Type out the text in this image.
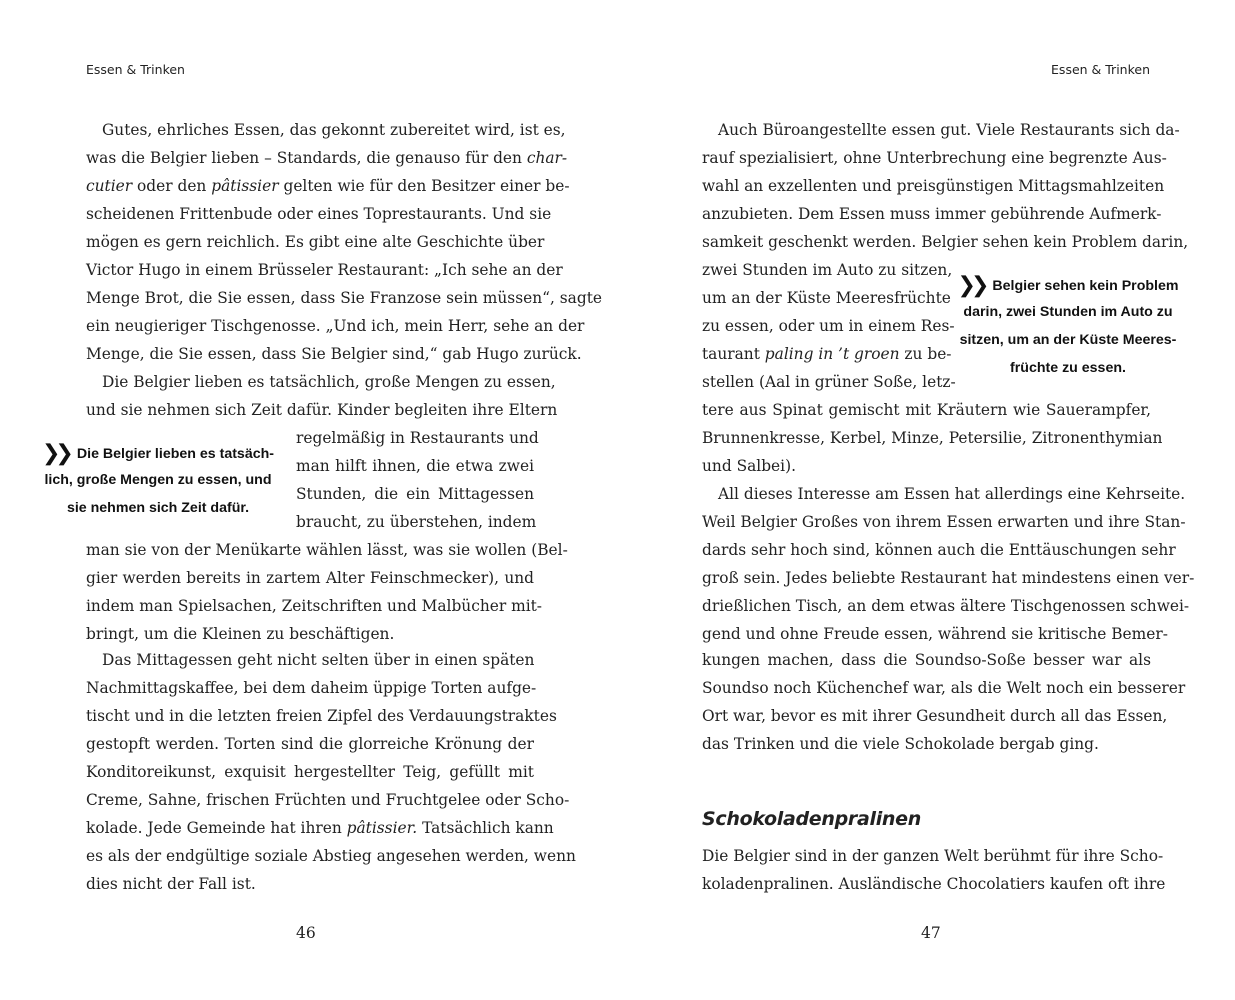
Essen & Trinken
Gutes, ehrliches Essen, das gekonnt zubereitet wird, ist es,
was die Belgier lieben – Standards, die genauso für den char-
cutier oder den pâtissier gelten wie für den Besitzer einer be-
scheidenen Frittenbude oder eines Toprestaurants. Und sie
mögen es gern reichlich. Es gibt eine alte Geschichte über
Victor Hugo in einem Brüsseler Restaurant: „Ich sehe an der
Menge Brot, die Sie essen, dass Sie Franzose sein müssen“, sagte
ein neugieriger Tischgenosse. „Und ich, mein Herr, sehe an der
Menge, die Sie essen, dass Sie Belgier sind,“ gab Hugo zurück.
Die Belgier lieben es tatsächlich, große Mengen zu essen,
und sie nehmen sich Zeit dafür. Kinder begleiten ihre Eltern
regelmäßig in Restaurants und
man hilft ihnen, die etwa zwei
Stunden, die ein Mittagessen
braucht, zu überstehen, indem
man sie von der Menükarte wählen lässt, was sie wollen (Bel-
gier werden bereits in zartem Alter Feinschmecker), und
indem man Spielsachen, Zeitschriften und Malbücher mit-
bringt, um die Kleinen zu beschäftigen.
Das Mittagessen geht nicht selten über in einen späten
Nachmittagskaffee, bei dem daheim üppige Torten aufge-
tischt und in die letzten freien Zipfel des Verdauungstraktes
gestopft werden. Torten sind die glorreiche Krönung der
Konditoreikunst, exquisit hergestellter Teig, gefüllt mit
Creme, Sahne, frischen Früchten und Fruchtgelee oder Scho-
kolade. Jede Gemeinde hat ihren pâtissier. Tatsächlich kann
es als der endgültige soziale Abstieg angesehen werden, wenn
dies nicht der Fall ist.
❯❯ Die Belgier lieben es tatsäch-
lich, große Mengen zu essen, und
sie nehmen sich Zeit dafür.
46
Essen & Trinken
Auch Büroangestellte essen gut. Viele Restaurants sich da-
rauf spezialisiert, ohne Unterbrechung eine begrenzte Aus-
wahl an exzellenten und preisgünstigen Mittagsmahlzeiten
anzubieten. Dem Essen muss immer gebührende Aufmerk-
samkeit geschenkt werden. Belgier sehen kein Problem darin,
zwei Stunden im Auto zu sitzen,
um an der Küste Meeresfrüchte
zu essen, oder um in einem Res-
taurant paling in ’t groen zu be-
stellen (Aal in grüner Soße, letz-
tere aus Spinat gemischt mit Kräutern wie Sauerampfer,
Brunnenkresse, Kerbel, Minze, Petersilie, Zitronenthymian
und Salbei).
All dieses Interesse am Essen hat allerdings eine Kehrseite.
Weil Belgier Großes von ihrem Essen erwarten und ihre Stan-
dards sehr hoch sind, können auch die Enttäuschungen sehr
groß sein. Jedes beliebte Restaurant hat mindestens einen ver-
drießlichen Tisch, an dem etwas ältere Tischgenossen schwei-
gend und ohne Freude essen, während sie kritische Bemer-
kungen machen, dass die Soundso-Soße besser war als
Soundso noch Küchenchef war, als die Welt noch ein besserer
Ort war, bevor es mit ihrer Gesundheit durch all das Essen,
das Trinken und die viele Schokolade bergab ging.
Schokoladenpralinen
Die Belgier sind in der ganzen Welt berühmt für ihre Scho-
koladenpralinen. Ausländische Chocolatiers kaufen oft ihre
❯❯ Belgier sehen kein Problem
darin, zwei Stunden im Auto zu
sitzen, um an der Küste Meeres-
früchte zu essen.
47
